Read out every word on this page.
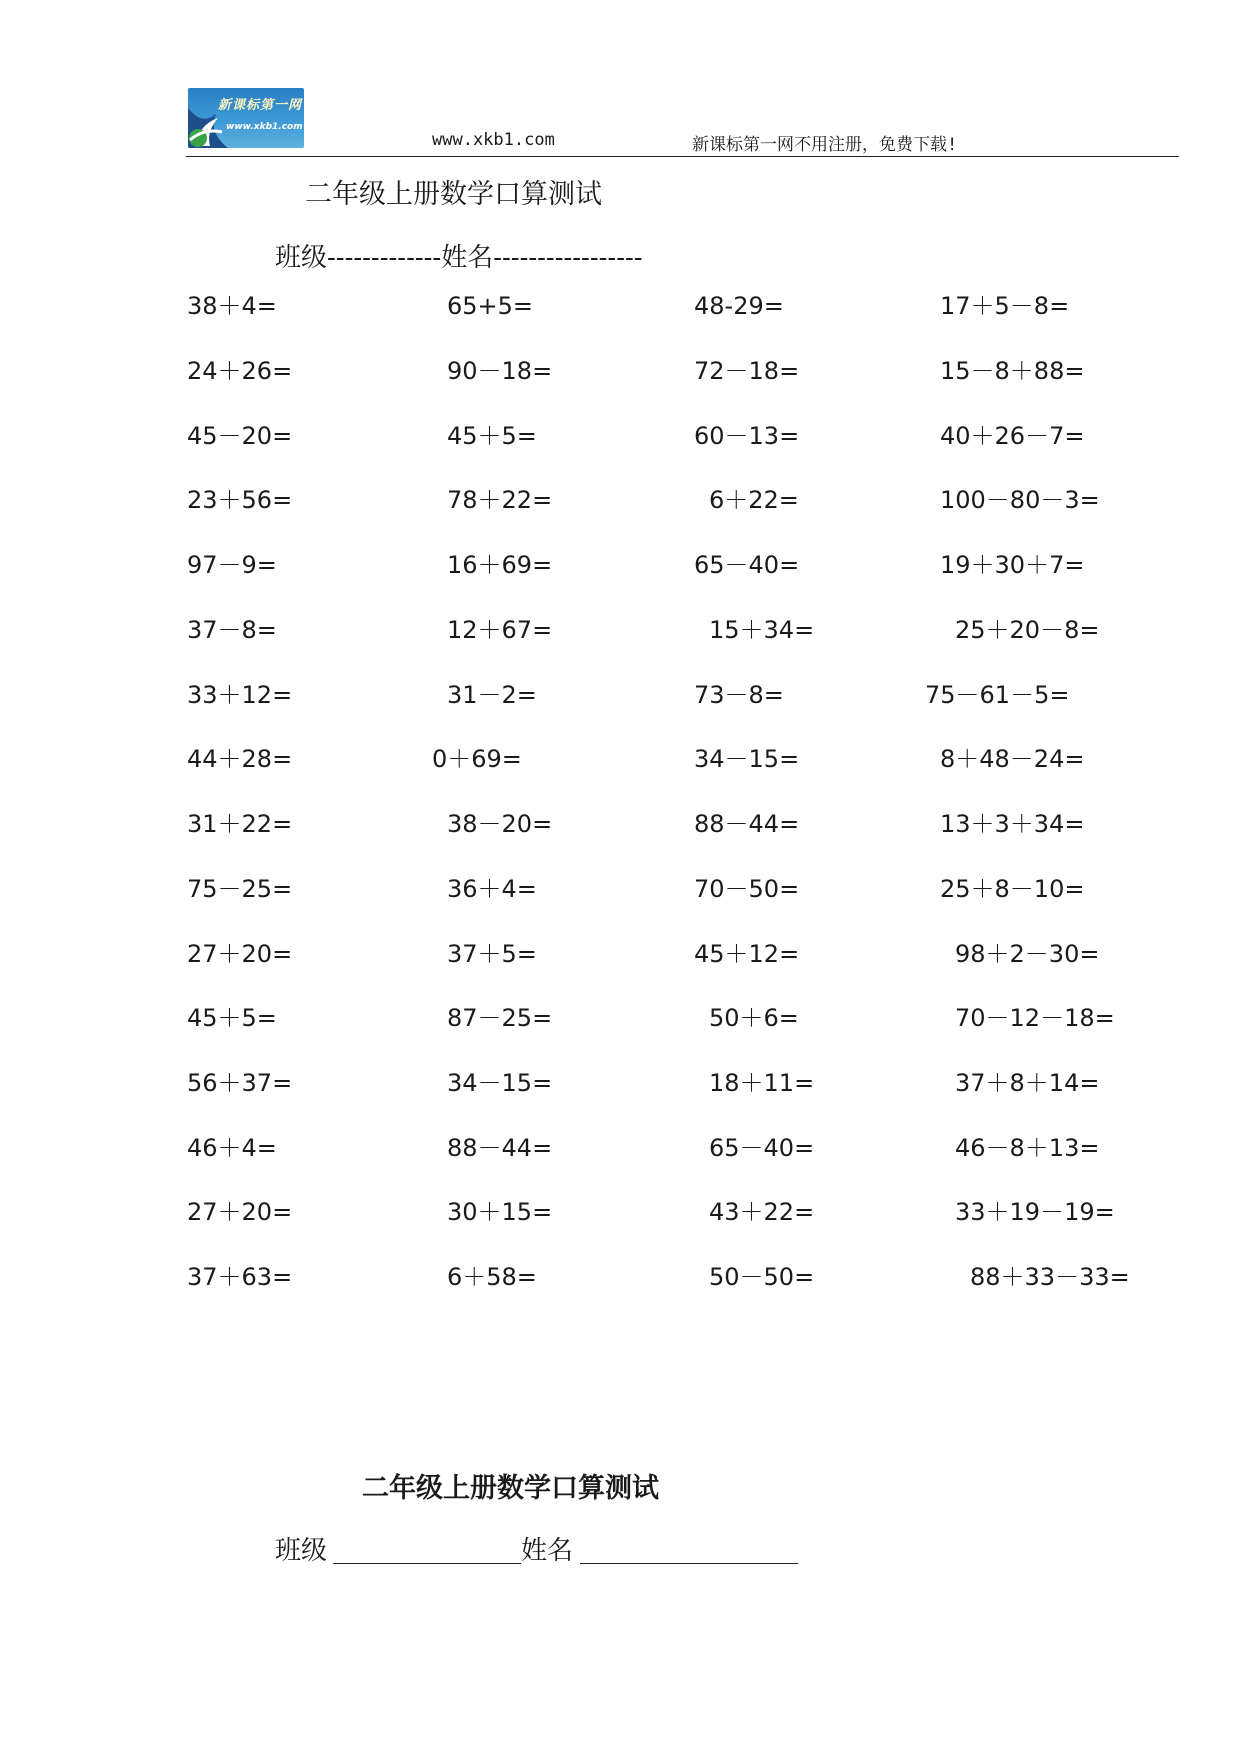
新课标第一网
www.xkb1.com
www.xkb1.com	新课标第一网不用注册，免费下载!
二年级上册数学口算测试
班级-------------姓名-----------------
38＋4=	65+5=	48-29=	17＋5－8=
24＋26=	90－18=	72－18=	15－8＋88=
45－20=	45＋5=	60－13=	40＋26－7=
23＋56=	78＋22=	6＋22=	100－80－3=
97－9=	16＋69=	65－40=	19＋30＋7=
37－8=	12＋67=	15＋34=	25＋20－8=
33＋12=	31－2=	73－8=	75－61－5=
44＋28=	0＋69=	34－15=	8＋48－24=
31＋22=	38－20=	88－44=	13＋3＋34=
75－25=	36＋4=	70－50=	25＋8－10=
27＋20=	37＋5=	45＋12=	98＋2－30=
45＋5=	87－25=	50＋6=	70－12－18=
56＋37=	34－15=	18＋11=	37＋8＋14=
46＋4=	88－44=	65－40=	46－8＋13=
27＋20=	30＋15=	43＋22=	33＋19－19=
37＋63=	6＋58=	50－50=	88＋33－33=
二年级上册数学口算测试
班级	姓名
